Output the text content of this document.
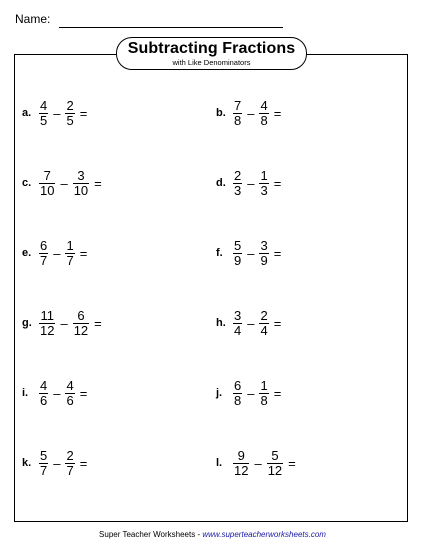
Name:
Subtracting Fractions
with Like Denominators
a. $\frac{4}{5} - \frac{2}{5}$ =	b. $\frac{7}{8} - \frac{4}{8}$ =
c. $\frac{7}{10} - \frac{3}{10}$ =	d. $\frac{2}{3} - \frac{1}{3}$ =
e. $\frac{6}{7} - \frac{1}{7}$ =	f. $\frac{5}{9} - \frac{3}{9}$ =
g. $\frac{11}{12} - \frac{6}{12}$ =	h. $\frac{3}{4} - \frac{2}{4}$ =
i. $\frac{4}{6} - \frac{4}{6}$ =	j. $\frac{6}{8} - \frac{1}{8}$ =
k. $\frac{5}{7} - \frac{2}{7}$ =	l. $\frac{9}{12} - \frac{5}{12}$ =
Super Teacher Worksheets - www.superteacherworksheets.com
